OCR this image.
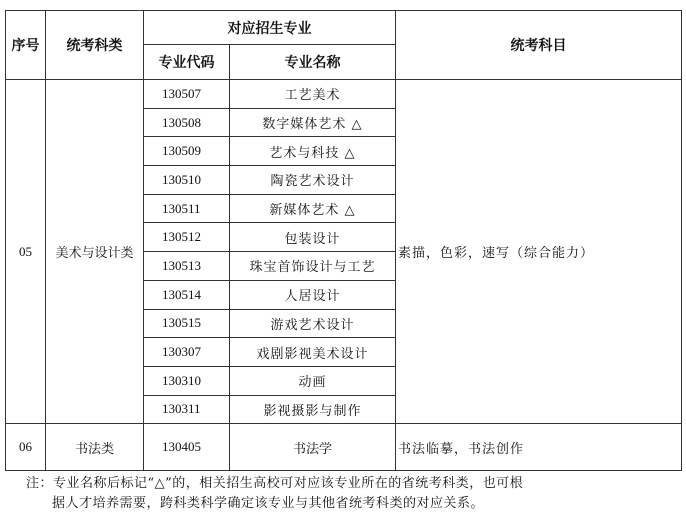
序号	统考科类	对应招生专业		统考科目
		专业代码	专业名称	
05	美术与设计类	130507	工艺美术	素描，色彩，速写（综合能力）
		130508	数字媒体艺术 △	
		130509	艺术与科技 △	
		130510	陶瓷艺术设计	
		130511	新媒体艺术 △	
		130512	包装设计	
		130513	珠宝首饰设计与工艺	
		130514	人居设计	
		130515	游戏艺术设计	
		130307	戏剧影视美术设计	
		130310	动画	
		130311	影视摄影与制作	
06	书法类	130405	书法学	书法临摹，书法创作
注：专业名称后标记“△”的，相关招生高校可对应该专业所在的省统考科类，也可根
据人才培养需要，跨科类科学确定该专业与其他省统考科类的对应关系。
